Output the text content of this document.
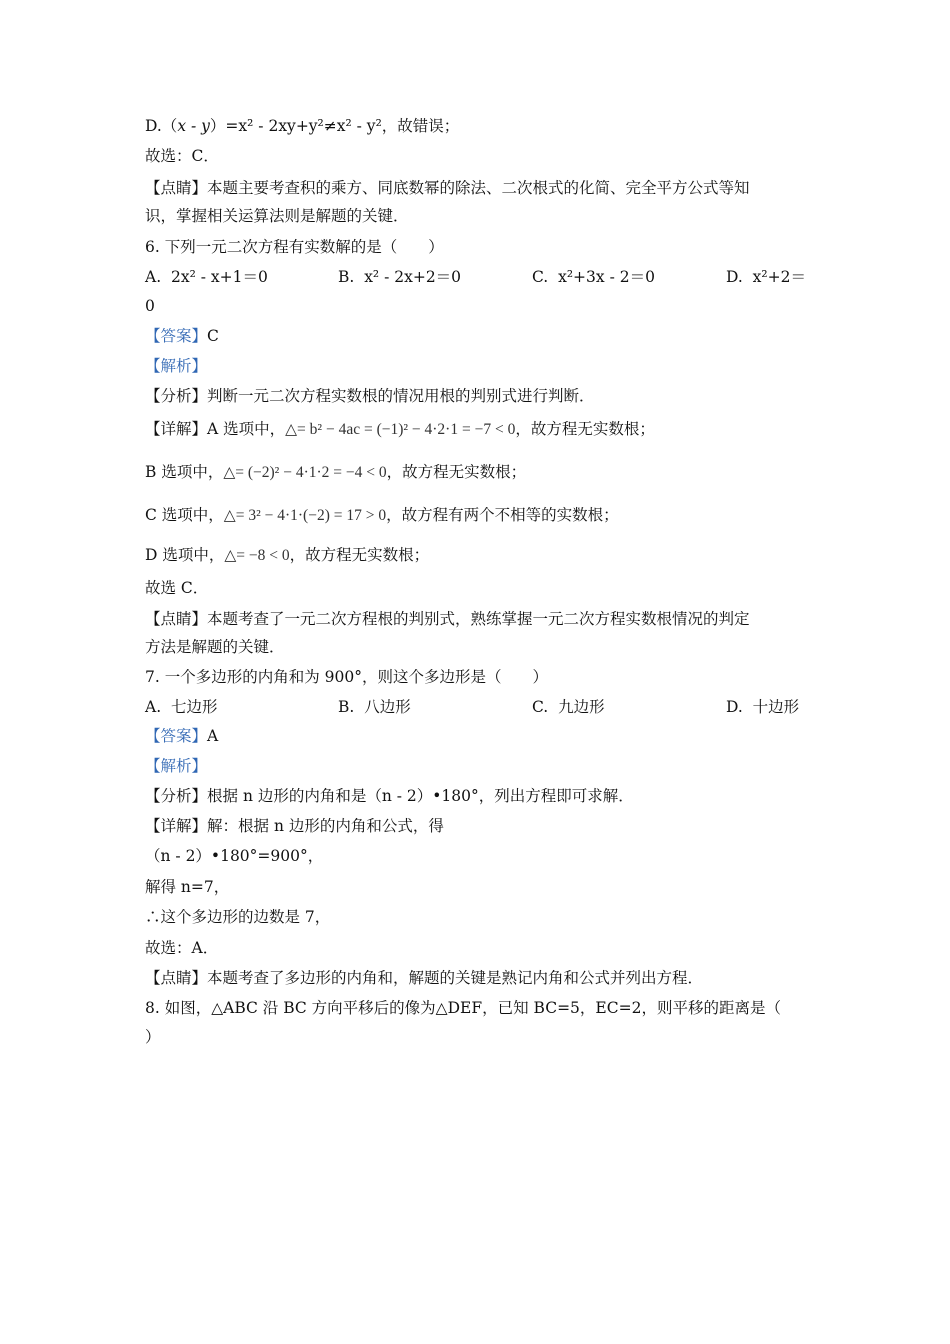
D.（x - y）=x² - 2xy+y²≠x² - y²，故错误；
故选：C．
【点睛】本题主要考查积的乘方、同底数幂的除法、二次根式的化简、完全平方公式等知
识，掌握相关运算法则是解题的关键．
6. 下列一元二次方程有实数解的是（　　）
A. 2x² - x+1＝0	B. x² - 2x+2＝0	C. x²+3x - 2＝0	D. x²+2＝
0
【答案】C
【解析】
【分析】判断一元二次方程实数根的情况用根的判别式进行判断．
【详解】A 选项中，△= b² − 4ac = (−1)² − 4·2·1 = −7 < 0，故方程无实数根；
B 选项中，△= (−2)² − 4·1·2 = −4 < 0，故方程无实数根；
C 选项中，△= 3² − 4·1·(−2) = 17 > 0，故方程有两个不相等的实数根；
D 选项中，△= −8 < 0，故方程无实数根；
故选 C．
【点睛】本题考查了一元二次方程根的判别式，熟练掌握一元二次方程实数根情况的判定
方法是解题的关键．
7. 一个多边形的内角和为 900°，则这个多边形是（　　）
A. 七边形	B. 八边形	C. 九边形	D. 十边形
【答案】A
【解析】
【分析】根据 n 边形的内角和是（n - 2）•180°，列出方程即可求解．
【详解】解：根据 n 边形的内角和公式，得
（n - 2）•180°=900°，
解得 n=7，
∴这个多边形的边数是 7，
故选：A．
【点睛】本题考查了多边形的内角和，解题的关键是熟记内角和公式并列出方程．
8. 如图，△ABC 沿 BC 方向平移后的像为△DEF，已知 BC=5，EC=2，则平移的距离是（
）
